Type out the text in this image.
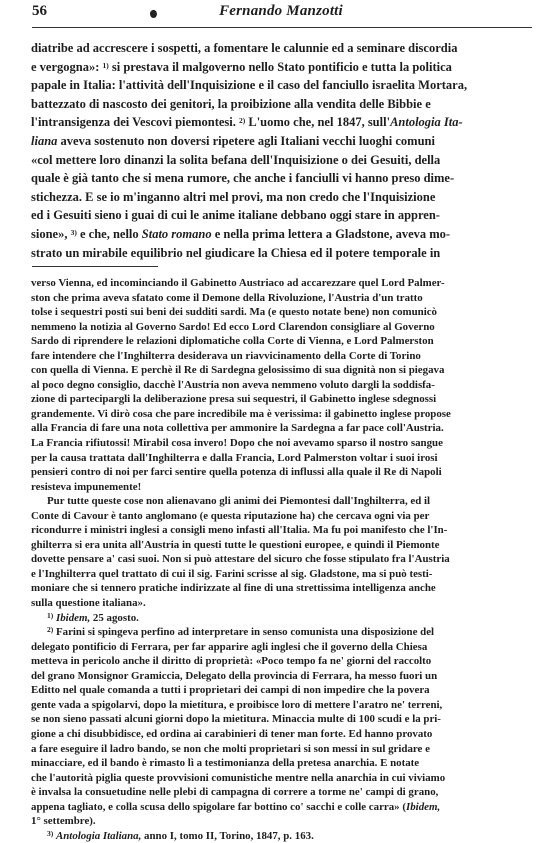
56	Fernando Manzotti

diatribe ad accrescere i sospetti, a fomentare le calunnie ed a seminare discordia

e vergogna»: $^{1)}$ si prestava il malgoverno nello Stato pontificio e tutta la politica

papale in Italia: l'attività dell'Inquisizione e il caso del fanciullo israelita Mortara,

battezzato di nascosto dei genitori, la proibizione alla vendita delle Bibbie e

l'intransigenza dei Vescovi piemontesi. $^{2)}$ L'uomo che, nel 1847, sull'Antologia Ita-

liana aveva sostenuto non doversi ripetere agli Italiani vecchi luoghi comuni

«col mettere loro dinanzi la solita befana dell'Inquisizione o dei Gesuiti, della

quale è già tanto che si mena rumore, che anche i fanciulli vi hanno preso dime-

stichezza. E se io m'inganno altri mel provi, ma non credo che l'Inquisizione

ed i Gesuiti sieno i guai di cui le anime italiane debbano oggi stare in appren-

sione», $^{3)}$ e che, nello Stato romano e nella prima lettera a Gladstone, aveva mo-

strato un mirabile equilibrio nel giudicare la Chiesa ed il potere temporale in

verso Vienna, ed incominciando il Gabinetto Austriaco ad accarezzare quel Lord Palmer-

ston che prima aveva sfatato come il Demone della Rivoluzione, l'Austria d'un tratto

tolse i sequestri posti sui beni dei sudditi sardi. Ma (e questo notate bene) non comunicò

nemmeno la notizia al Governo Sardo! Ed ecco Lord Clarendon consigliare al Governo

Sardo di riprendere le relazioni diplomatiche colla Corte di Vienna, e Lord Palmerston

fare intendere che l'Inghilterra desiderava un riavvicinamento della Corte di Torino

con quella di Vienna. E perchè il Re di Sardegna gelosissimo di sua dignità non si piegava

al poco degno consiglio, dacchè l'Austria non aveva nemmeno voluto dargli la soddisfa-

zione di partecipargli la deliberazione presa sui sequestri, il Gabinetto inglese sdegnossi

grandemente. Vi dirò cosa che pare incredibile ma è verissima: il gabinetto inglese propose

alla Francia di fare una nota collettiva per ammonire la Sardegna a far pace coll'Austria.

La Francia rifiutossi! Mirabil cosa invero! Dopo che noi avevamo sparso il nostro sangue

per la causa trattata dall'Inghilterra e dalla Francia, Lord Palmerston voltar i suoi irosi

pensieri contro di noi per farci sentire quella potenza di influssi alla quale il Re di Napoli

resisteva impunemente!

Pur tutte queste cose non alienavano gli animi dei Piemontesi dall'Inghilterra, ed il

Conte di Cavour è tanto anglomano (e questa riputazione ha) che cercava ogni via per

ricondurre i ministri inglesi a consigli meno infasti all'Italia. Ma fu poi manifesto che l'In-

ghilterra si era unita all'Austria in questi tutte le questioni europee, e quindi il Piemonte

dovette pensare a' casi suoi. Non si può attestare del sicuro che fosse stipulato fra l'Austria

e l'Inghilterra quel trattato di cui il sig. Farini scrisse al sig. Gladstone, ma si può testi-

moniare che si tennero pratiche indirizzate al fine di una strettissima intelligenza anche

sulla questione italiana».

$^{1)}$ Ibidem, 25 agosto.

$^{2)}$ Farini si spingeva perfino ad interpretare in senso comunista una disposizione del

delegato pontificio di Ferrara, per far apparire agli inglesi che il governo della Chiesa

metteva in pericolo anche il diritto di proprietà: «Poco tempo fa ne' giorni del raccolto

del grano Monsignor Gramiccia, Delegato della provincia di Ferrara, ha messo fuori un

Editto nel quale comanda a tutti i proprietari dei campi di non impedire che la povera

gente vada a spigolarvi, dopo la mietitura, e proibisce loro di mettere l'aratro ne' terreni,

se non sieno passati alcuni giorni dopo la mietitura. Minaccia multe di 100 scudi e la pri-

gione a chi disubbidisce, ed ordina ai carabinieri di tener man forte. Ed hanno provato

a fare eseguire il ladro bando, se non che molti proprietari si son messi in sul gridare e

minacciare, ed il bando è rimasto lì a testimonianza della pretesa anarchia. E notate

che l'autorità piglia queste provvisioni comunistiche mentre nella anarchia in cui viviamo

è invalsa la consuetudine nelle plebi di campagna di correre a torme ne' campi di grano,

appena tagliato, e colla scusa dello spigolare far bottino co' sacchi e colle carra» (Ibidem,

1° settembre).

$^{3)}$ Antologia Italiana, anno I, tomo II, Torino, 1847, p. 163.
